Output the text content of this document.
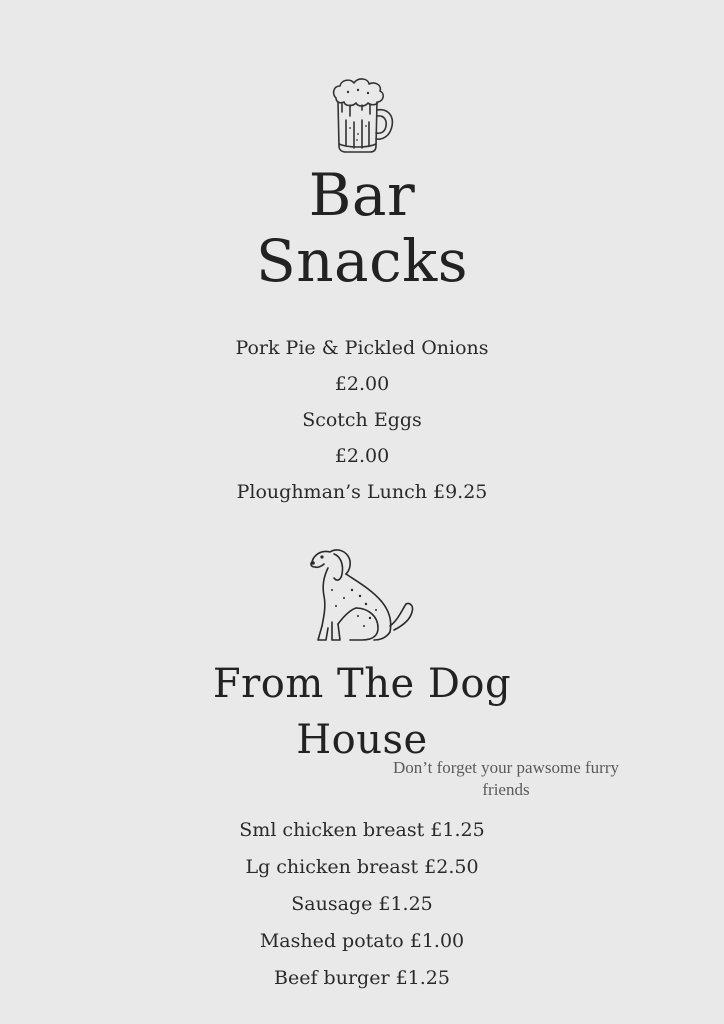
Bar
Snacks
Pork Pie & Pickled Onions
£2.00
Scotch Eggs
£2.00
Ploughman’s Lunch £9.25
From The Dog
House
Don’t forget your pawsome furry
friends
Sml chicken breast £1.25
Lg chicken breast £2.50
Sausage £1.25
Mashed potato £1.00
Beef burger £1.25
